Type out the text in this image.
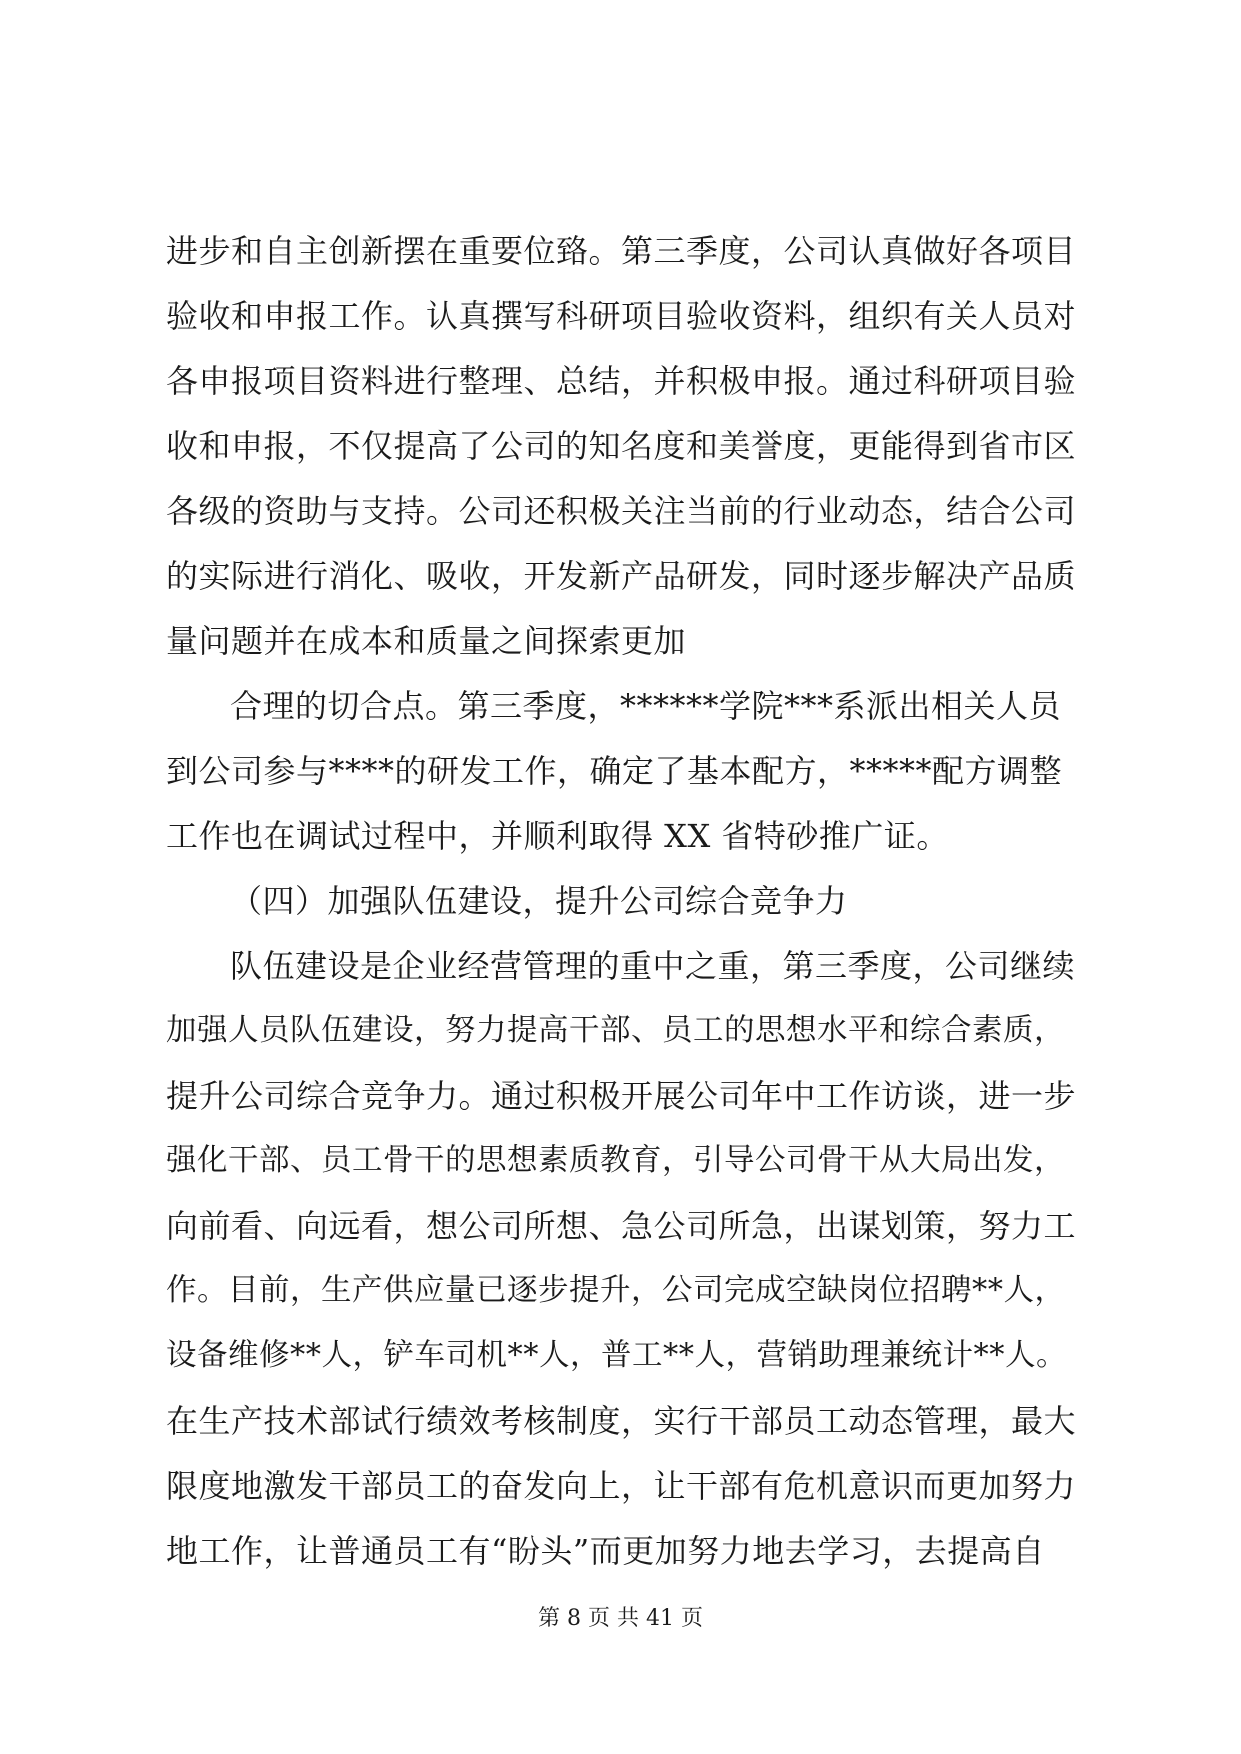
进步和自主创新摆在重要位臵。第三季度，公司认真做好各项目
验收和申报工作。认真撰写科研项目验收资料，组织有关人员对
各申报项目资料进行整理、总结，并积极申报。通过科研项目验
收和申报，不仅提高了公司的知名度和美誉度，更能得到省市区
各级的资助与支持。公司还积极关注当前的行业动态，结合公司
的实际进行消化、吸收，开发新产品研发，同时逐步解决产品质
量问题并在成本和质量之间探索更加
合理的切合点。第三季度，******学院***系派出相关人员
到公司参与****的研发工作，确定了基本配方，*****配方调整
工作也在调试过程中，并顺利取得 XX 省特砂推广证。
（四）加强队伍建设，提升公司综合竞争力
队伍建设是企业经营管理的重中之重，第三季度，公司继续
加强人员队伍建设，努力提高干部、员工的思想水平和综合素质，
提升公司综合竞争力。通过积极开展公司年中工作访谈，进一步
强化干部、员工骨干的思想素质教育，引导公司骨干从大局出发，
向前看、向远看，想公司所想、急公司所急，出谋划策，努力工
作。目前，生产供应量已逐步提升，公司完成空缺岗位招聘**人，
设备维修**人，铲车司机**人，普工**人，营销助理兼统计**人。
在生产技术部试行绩效考核制度，实行干部员工动态管理，最大
限度地激发干部员工的奋发向上，让干部有危机意识而更加努力
地工作，让普通员工有“盼头”而更加努力地去学习，去提高自
第 8 页 共 41 页
